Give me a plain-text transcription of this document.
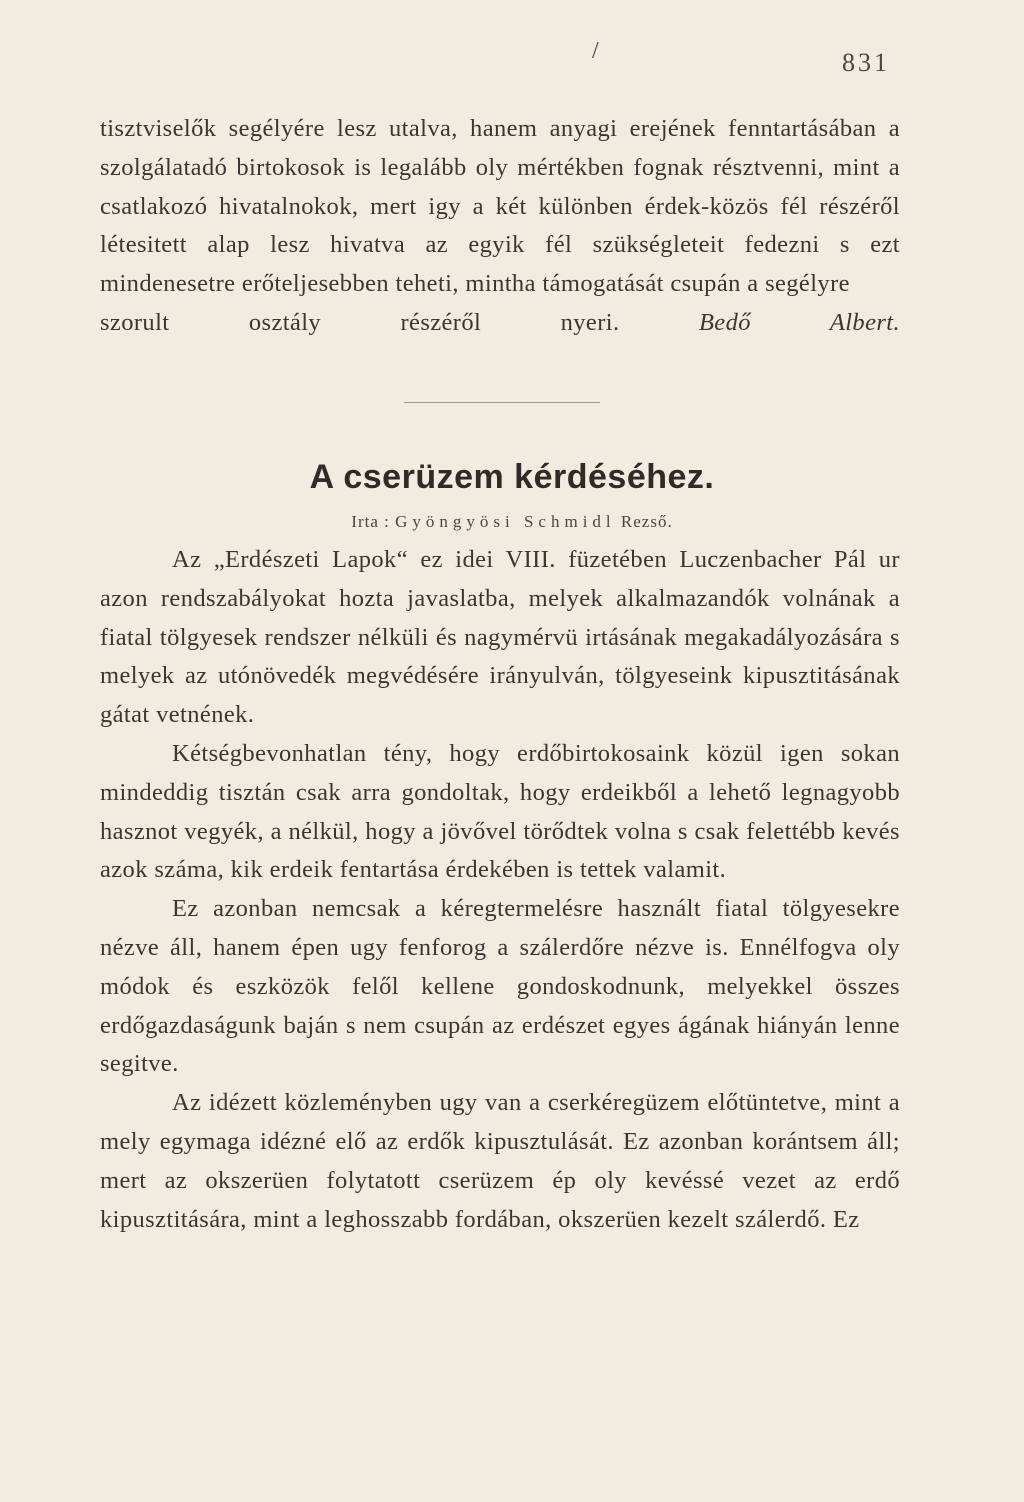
/	831

tisztviselők segélyére lesz utalva, hanem anyagi erejének fenntartásában a szolgálatadó birtokosok is legalább oly mértékben fognak résztvenni, mint a csatlakozó hivatalnokok, mert igy a két különben érdek-közös fél részéről létesitett alap lesz hivatva az egyik fél szükségleteit fedezni s ezt mindenesetre erőteljesebben teheti, mintha támogatását csupán a segélyre

szorult osztály részéről nyeri.	Bedő Albert.

A cserüzem kérdéséhez.
Irta : Gyöngyösi Schmidl Rezső.

Az „Erdészeti Lapok“ ez idei VIII. füzetében Luczenbacher Pál ur azon rendszabályokat hozta javaslatba, melyek alkalmazandók volnának a fiatal tölgyesek rendszer nélküli és nagymérvü irtásának megakadályozására s melyek az utónövedék megvédésére irányulván, tölgyeseink kipusztitásának gátat vetnének.

Kétségbevonhatlan tény, hogy erdőbirtokosaink közül igen sokan mindeddig tisztán csak arra gondoltak, hogy erdeikből a lehető legnagyobb hasznot vegyék, a nélkül, hogy a jövővel törődtek volna s csak felettébb kevés azok száma, kik erdeik fentartása érdekében is tettek valamit.

Ez azonban nemcsak a kéregtermelésre használt fiatal tölgyesekre nézve áll, hanem épen ugy fenforog a szálerdőre nézve is. Ennélfogva oly módok és eszközök felől kellene gondoskodnunk, melyekkel összes erdőgazdaságunk baján s nem csupán az erdészet egyes ágának hiányán lenne segitve.

Az idézett közleményben ugy van a cserkéregüzem előtüntetve, mint a mely egymaga idézné elő az erdők kipusztulását. Ez azonban korántsem áll; mert az okszerüen folytatott cserüzem ép oly kevéssé vezet az erdő kipusztitására, mint a leghosszabb fordában, okszerüen kezelt szálerdő. Ez
